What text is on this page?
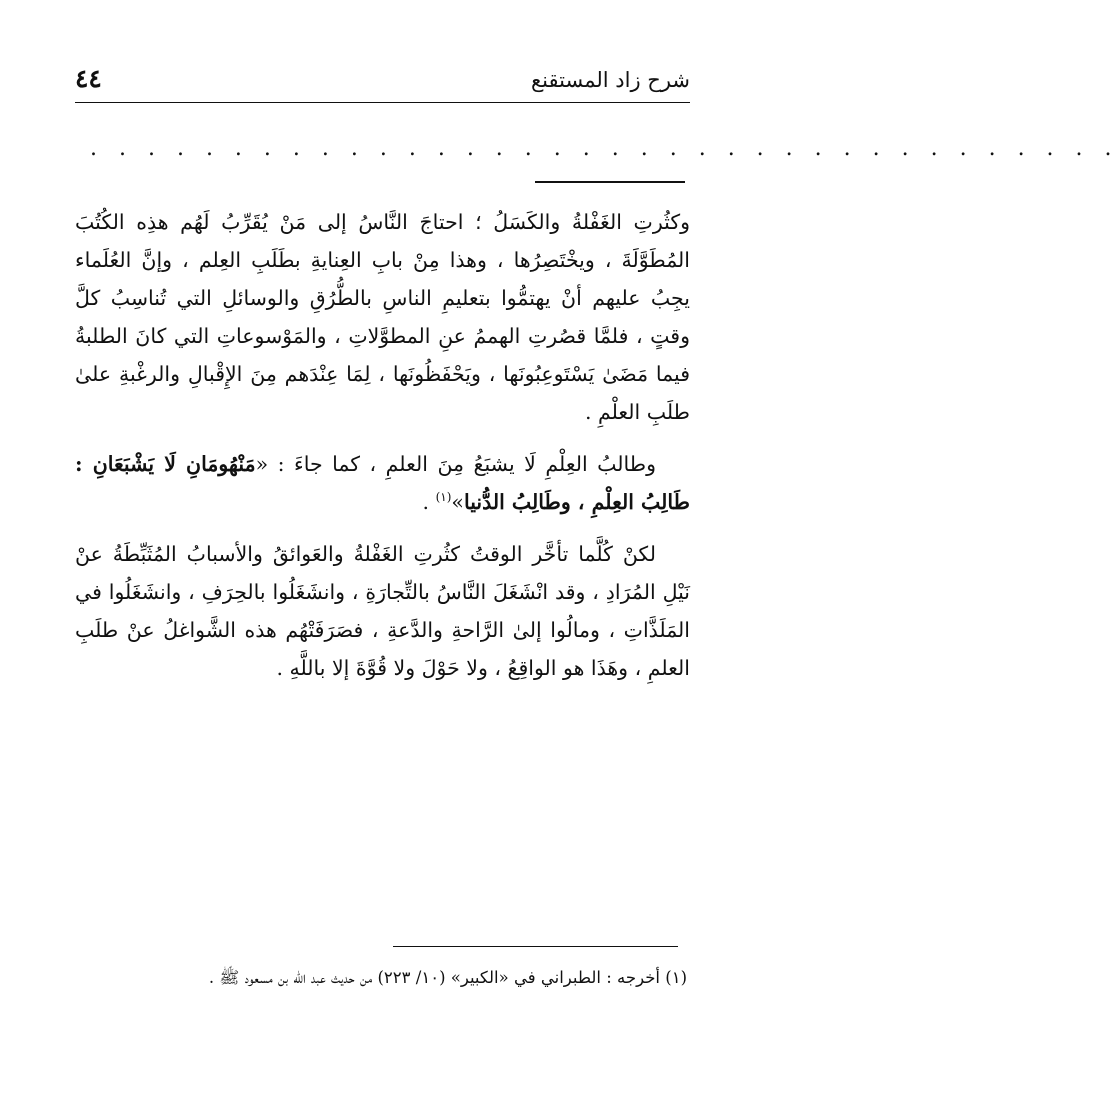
شرح زاد المستقنع
٤٤
. . . . . . . . . . . . . . . . . . . . . . . . . . . . . . . . . . . .

وكثُرتِ الغَفْلةُ والكَسَلُ ؛ احتاجَ النَّاسُ إلى مَنْ يُقَرِّبُ لَهُم هذِه الكُتُبَ المُطَوَّلَةَ ، ويخْتَصِرُها ، وهذا مِنْ بابِ العِنايةِ بطَلَبِ العِلم ، وإنَّ العُلَماء يجِبُ عليهم أنْ يهتمُّوا بتعليمِ الناسِ بالطُّرُقِ والوسائلِ التي تُناسِبُ كلَّ وقتٍ ، فلمَّا قصُرتِ الهممُ عنِ المطوَّلاتِ ، والمَوْسوعاتِ التي كانَ الطلبةُ فيما مَضَىٰ يَسْتَوعِبُونَها ، ويَحْفَظُونَها ، لِمَا عِنْدَهم مِنَ الإِقْبالِ والرغْبةِ علىٰ طلَبِ العلْمِ .

وطالبُ العِلْمِ لَا يشبَعُ مِنَ العلمِ ، كما جاءَ : «مَنْهُومَانِ لَا يَشْبَعَانِ : طَالِبُ العِلْمِ ، وطَالِبُ الدُّنيا»$^{(١)}$ .

لكنْ كُلَّما تأخَّر الوقتُ كثُرتِ الغَفْلةُ والعَوائقُ والأسبابُ المُثَبِّطَةُ عنْ نَيْلِ المُرَادِ ، وقد انْشَغَلَ النَّاسُ بالتِّجارَةِ ، وانشَغَلُوا بالحِرَفِ ، وانشَغَلُوا في المَلَذَّاتِ ، ومالُوا إلىٰ الرَّاحةِ والدَّعةِ ، فصَرَفَتْهُم هذه الشَّواغلُ عنْ طلَبِ العلمِ ، وهَذَا هو الواقِعُ ، ولا حَوْلَ ولا قُوَّةَ إلا باللَّهِ .

(١) أخرجه : الطبراني في «الكبير» (١٠/ ٢٢٣) من حديث عبد اللّه بن مسعود ﷺ .
